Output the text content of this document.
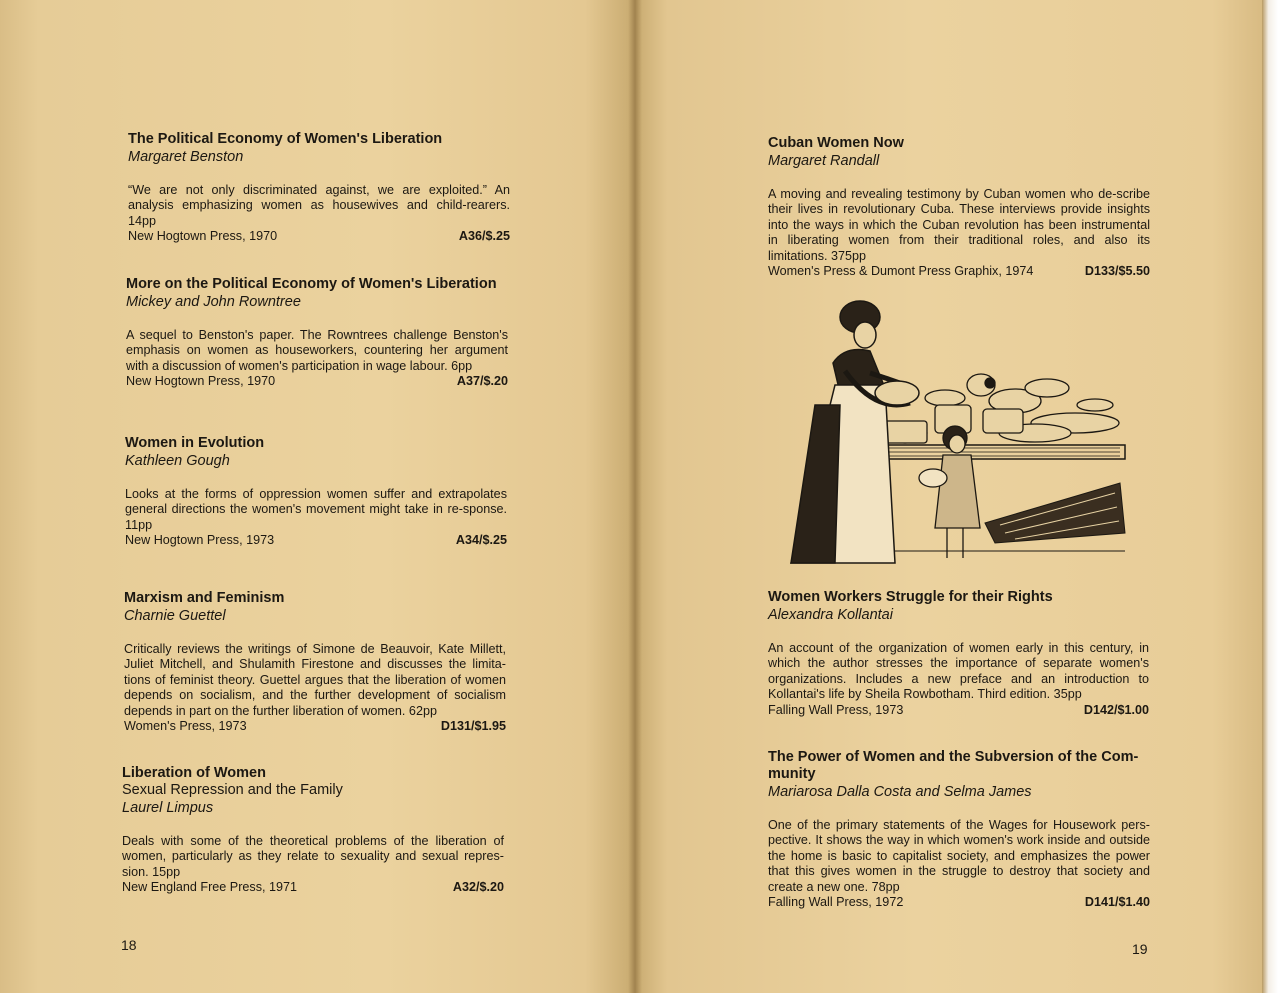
The Political Economy of Women's Liberation
Margaret Benston
“We are not only discriminated against, we are exploited.” An analysis emphasizing women as housewives and child-rearers. 14pp
New Hogtown Press, 1970	A36/$.25
More on the Political Economy of Women's Liberation
Mickey and John Rowntree
A sequel to Benston's paper. The Rowntrees challenge Benston's emphasis on women as houseworkers, countering her argument with a discussion of women's participation in wage labour. 6pp
New Hogtown Press, 1970	A37/$.20
Women in Evolution
Kathleen Gough
Looks at the forms of oppression women suffer and extrapolates general directions the women's movement might take in re-sponse. 11pp
New Hogtown Press, 1973	A34/$.25
Marxism and Feminism
Charnie Guettel
Critically reviews the writings of Simone de Beauvoir, Kate Millett, Juliet Mitchell, and Shulamith Firestone and discusses the limita-tions of feminist theory. Guettel argues that the liberation of women depends on socialism, and the further development of socialism depends in part on the further liberation of women. 62pp
Women's Press, 1973	D131/$1.95
Liberation of Women
Sexual Repression and the Family
Laurel Limpus
Deals with some of the theoretical problems of the liberation of women, particularly as they relate to sexuality and sexual repres-sion. 15pp
New England Free Press, 1971	A32/$.20
18
Cuban Women Now
Margaret Randall
A moving and revealing testimony by Cuban women who de-scribe their lives in revolutionary Cuba. These interviews provide insights into the ways in which the Cuban revolution has been instrumental in liberating women from their traditional roles, and also its limitations. 375pp
Women's Press & Dumont Press Graphix, 1974	D133/$5.50
Women Workers Struggle for their Rights
Alexandra Kollantai
An account of the organization of women early in this century, in which the author stresses the importance of separate women's organizations. Includes a new preface and an introduction to Kollantai's life by Sheila Rowbotham. Third edition. 35pp
Falling Wall Press, 1973	D142/$1.00
The Power of Women and the Subversion of the Com-munity
Mariarosa Dalla Costa and Selma James
One of the primary statements of the Wages for Housework pers-pective. It shows the way in which women's work inside and outside the home is basic to capitalist society, and emphasizes the power that this gives women in the struggle to destroy that society and create a new one. 78pp
Falling Wall Press, 1972	D141/$1.40
19
